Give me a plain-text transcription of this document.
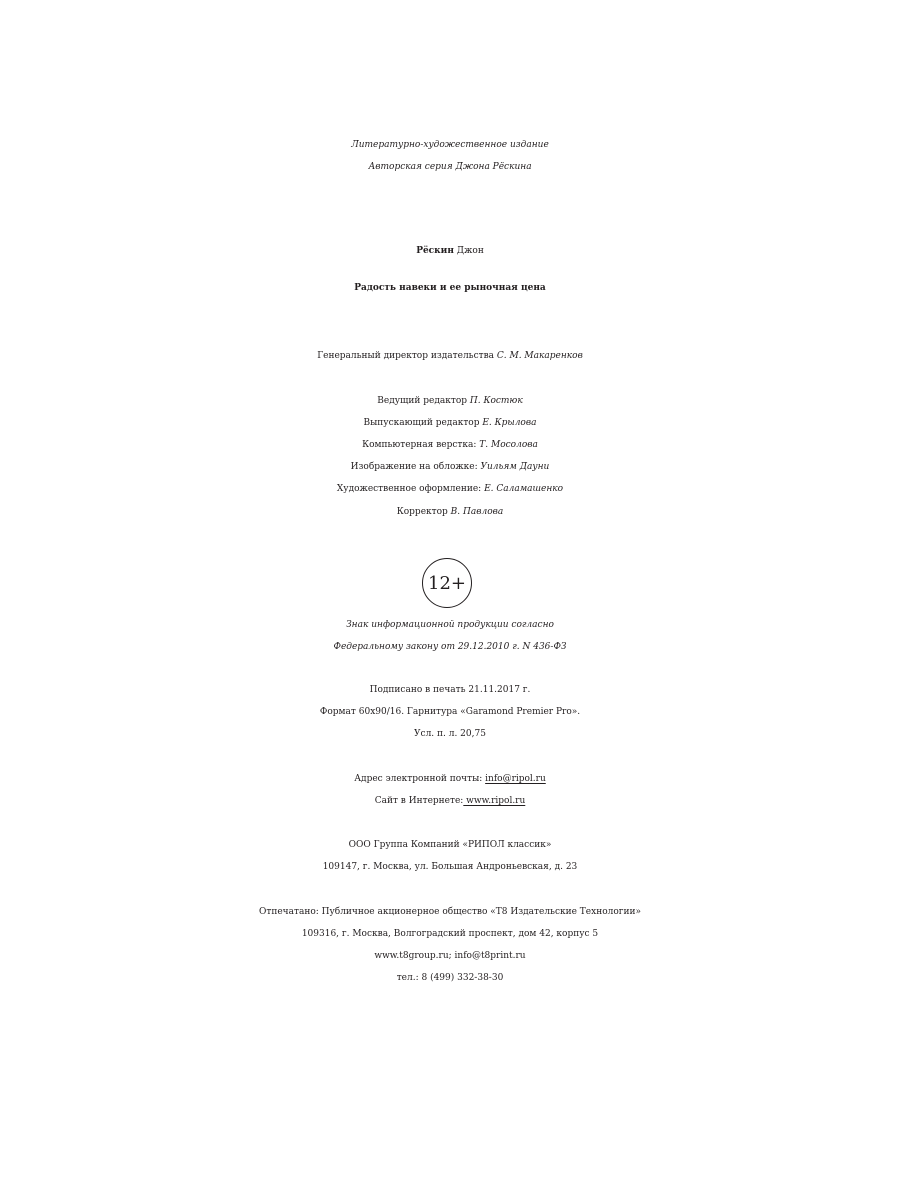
Литературно-художественное издание
Авторская серия Джона Рёскина
Рёскин Джон
Радость навеки и ее рыночная цена
Генеральный директор издательства С. М. Макаренков
Ведущий редактор П. Костюк
Выпускающий редактор Е. Крылова
Компьютерная верстка: Т. Мосолова
Изображение на обложке: Уильям Дауни
Художественное оформление: Е. Саламашенко
Корректор В. Павлова
12+
Знак информационной продукции согласно
Федеральному закону от 29.12.2010 г. N 436-ФЗ
Подписано в печать 21.11.2017 г.
Формат 60x90/16. Гарнитура «Garamond Premier Pro».
Усл. п. л. 20,75
Адрес электронной почты: info@ripol.ru
Сайт в Интернете: www.ripol.ru
ООО Группа Компаний «РИПОЛ классик»
109147, г. Москва, ул. Большая Андроньевская, д. 23
Отпечатано: Публичное акционерное общество «Т8 Издательские Технологии»
109316, г. Москва, Волгоградский проспект, дом 42, корпус 5
www.t8group.ru; info@t8print.ru
тел.: 8 (499) 332-38-30
